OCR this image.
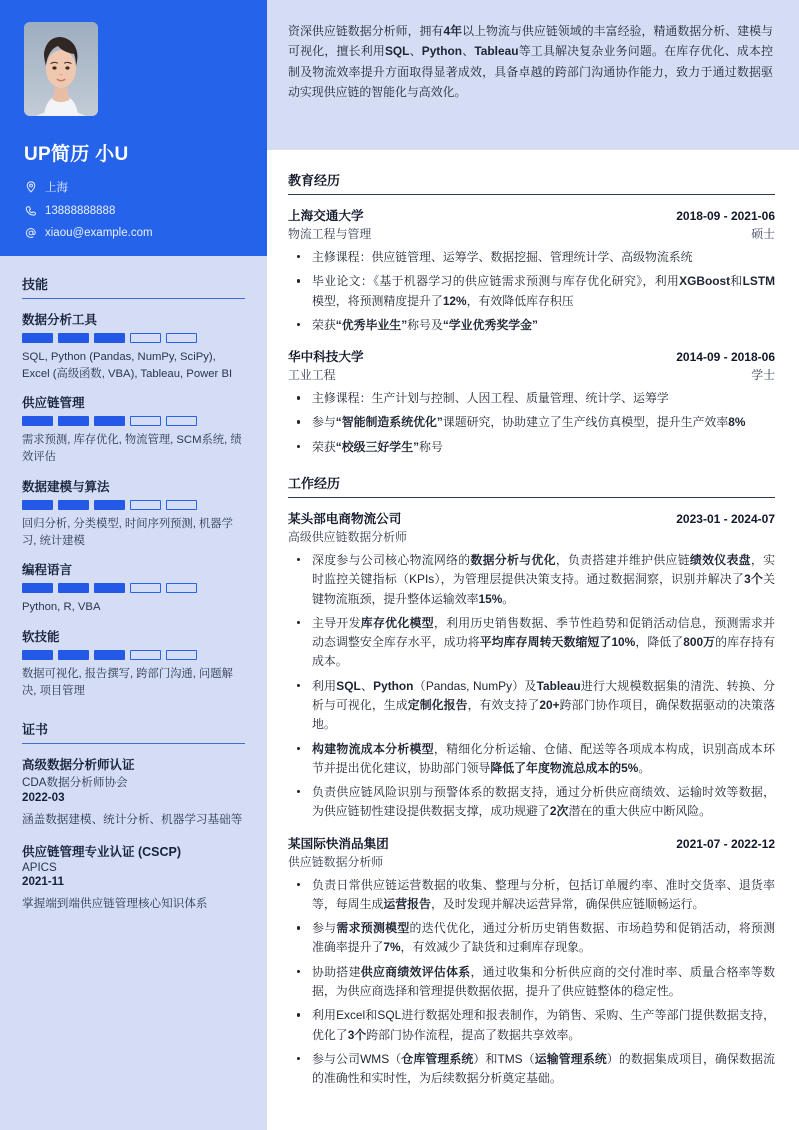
UP简历 小U
上海
13888888888
xiaou@example.com
技能
数据分析工具
SQL, Python (Pandas, NumPy, SciPy), Excel (高级函数, VBA), Tableau, Power BI
供应链管理
需求预测, 库存优化, 物流管理, SCM系统, 绩效评估
数据建模与算法
回归分析, 分类模型, 时间序列预测, 机器学习, 统计建模
编程语言
Python, R, VBA
软技能
数据可视化, 报告撰写, 跨部门沟通, 问题解决, 项目管理
证书
高级数据分析师认证
CDA数据分析师协会
2022-03
涵盖数据建模、统计分析、机器学习基础等
供应链管理专业认证 (CSCP)
APICS
2021-11
掌握端到端供应链管理核心知识体系

资深供应链数据分析师，拥有4年以上物流与供应链领域的丰富经验，精通数据分析、建模与可视化，擅长利用SQL、Python、Tableau等工具解决复杂业务问题。在库存优化、成本控制及物流效率提升方面取得显著成效，具备卓越的跨部门沟通协作能力，致力于通过数据驱动实现供应链的智能化与高效化。

教育经历
上海交通大学	2018-09 - 2021-06
物流工程与管理	硕士
主修课程：供应链管理、运筹学、数据挖掘、管理统计学、高级物流系统
毕业论文：《基于机器学习的供应链需求预测与库存优化研究》，利用XGBoost和LSTM模型，将预测精度提升了12%，有效降低库存积压
荣获“优秀毕业生”称号及“学业优秀奖学金”
华中科技大学	2014-09 - 2018-06
工业工程	学士
主修课程：生产计划与控制、人因工程、质量管理、统计学、运筹学
参与“智能制造系统优化”课题研究，协助建立了生产线仿真模型，提升生产效率8%
荣获“校级三好学生”称号
工作经历
某头部电商物流公司	2023-01 - 2024-07
高级供应链数据分析师
深度参与公司核心物流网络的数据分析与优化，负责搭建并维护供应链绩效仪表盘，实时监控关键指标（KPIs），为管理层提供决策支持。通过数据洞察，识别并解决了3个关键物流瓶颈，提升整体运输效率15%。
主导开发库存优化模型，利用历史销售数据、季节性趋势和促销活动信息，预测需求并动态调整安全库存水平，成功将平均库存周转天数缩短了10%，降低了800万的库存持有成本。
利用SQL、Python（Pandas, NumPy）及Tableau进行大规模数据集的清洗、转换、分析与可视化，生成定制化报告，有效支持了20+跨部门协作项目，确保数据驱动的决策落地。
构建物流成本分析模型，精细化分析运输、仓储、配送等各项成本构成，识别高成本环节并提出优化建议，协助部门领导降低了年度物流总成本的5%。
负责供应链风险识别与预警体系的数据支持，通过分析供应商绩效、运输时效等数据，为供应链韧性建设提供数据支撑，成功规避了2次潜在的重大供应中断风险。
某国际快消品集团	2021-07 - 2022-12
供应链数据分析师
负责日常供应链运营数据的收集、整理与分析，包括订单履约率、准时交货率、退货率等，每周生成运营报告，及时发现并解决运营异常，确保供应链顺畅运行。
参与需求预测模型的迭代优化，通过分析历史销售数据、市场趋势和促销活动，将预测准确率提升了7%，有效减少了缺货和过剩库存现象。
协助搭建供应商绩效评估体系，通过收集和分析供应商的交付准时率、质量合格率等数据，为供应商选择和管理提供数据依据，提升了供应链整体的稳定性。
利用Excel和SQL进行数据处理和报表制作，为销售、采购、生产等部门提供数据支持，优化了3个跨部门协作流程，提高了数据共享效率。
参与公司WMS（仓库管理系统）和TMS（运输管理系统）的数据集成项目，确保数据流的准确性和实时性，为后续数据分析奠定基础。
